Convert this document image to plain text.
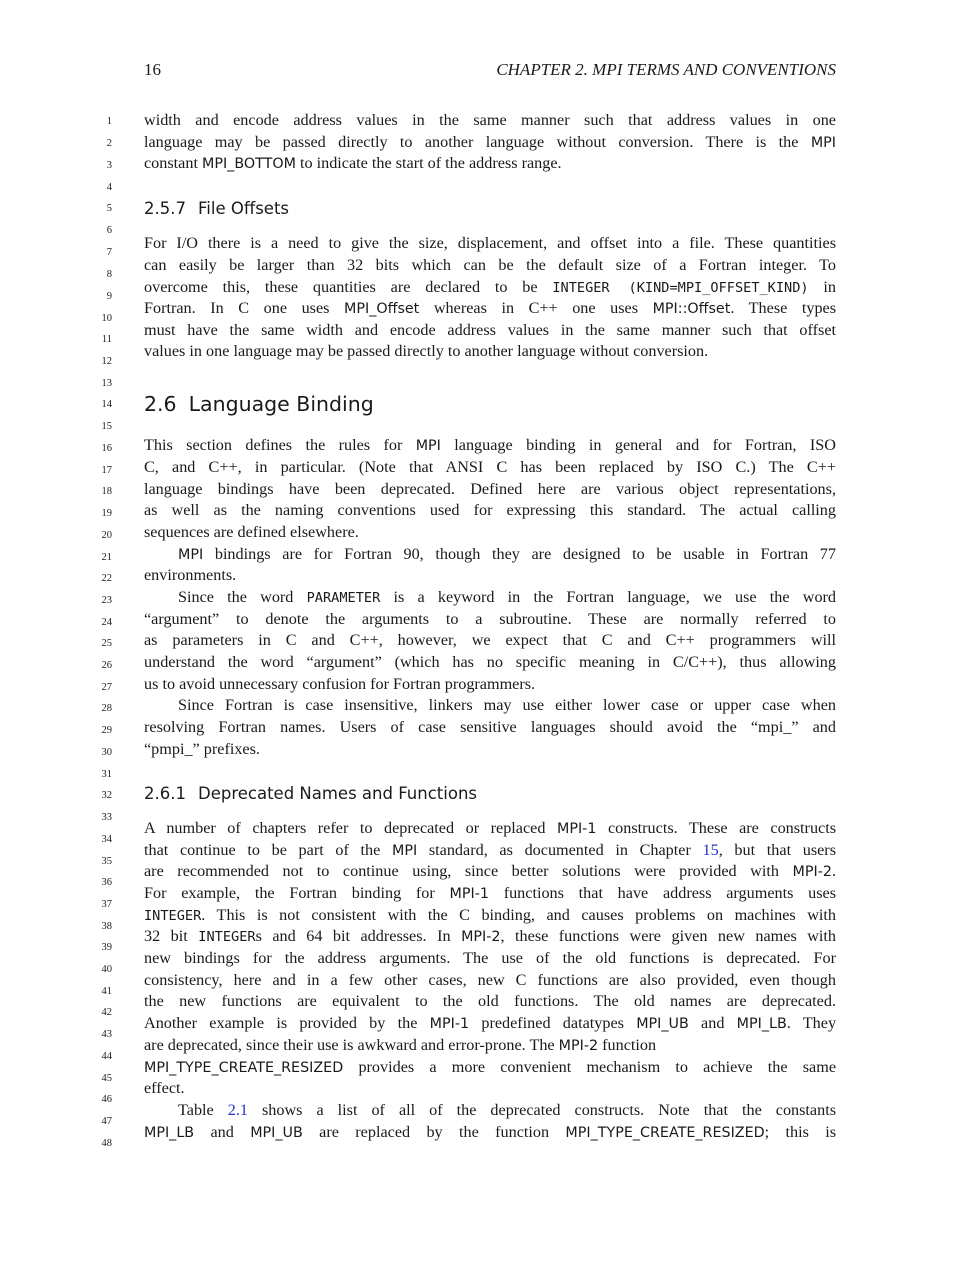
16	CHAPTER 2. MPI TERMS AND CONVENTIONS
1
2
3
4
5
6
7
8
9
10
11
12
13
14
15
16
17
18
19
20
21
22
23
24
25
26
27
28
29
30
31
32
33
34
35
36
37
38
39
40
41
42
43
44
45
46
47
48
width and encode address values in the same manner such that address values in one
language may be passed directly to another language without conversion. There is the MPI
constant MPI_BOTTOM to indicate the start of the address range.
2.5.7 File Offsets
For I/O there is a need to give the size, displacement, and offset into a file. These quantities
can easily be larger than 32 bits which can be the default size of a Fortran integer. To
overcome this, these quantities are declared to be INTEGER (KIND=MPI_OFFSET_KIND) in
Fortran. In C one uses MPI_Offset whereas in C++ one uses MPI::Offset. These types
must have the same width and encode address values in the same manner such that offset
values in one language may be passed directly to another language without conversion.
2.6 Language Binding
This section defines the rules for MPI language binding in general and for Fortran, ISO
C, and C++, in particular. (Note that ANSI C has been replaced by ISO C.) The C++
language bindings have been deprecated. Defined here are various object representations,
as well as the naming conventions used for expressing this standard. The actual calling
sequences are defined elsewhere.
MPI bindings are for Fortran 90, though they are designed to be usable in Fortran 77
environments.
Since the word PARAMETER is a keyword in the Fortran language, we use the word
“argument” to denote the arguments to a subroutine. These are normally referred to
as parameters in C and C++, however, we expect that C and C++ programmers will
understand the word “argument” (which has no specific meaning in C/C++), thus allowing
us to avoid unnecessary confusion for Fortran programmers.
Since Fortran is case insensitive, linkers may use either lower case or upper case when
resolving Fortran names. Users of case sensitive languages should avoid the “mpi_” and
“pmpi_” prefixes.
2.6.1 Deprecated Names and Functions
A number of chapters refer to deprecated or replaced MPI-1 constructs. These are constructs
that continue to be part of the MPI standard, as documented in Chapter 15, but that users
are recommended not to continue using, since better solutions were provided with MPI-2.
For example, the Fortran binding for MPI-1 functions that have address arguments uses
INTEGER. This is not consistent with the C binding, and causes problems on machines with
32 bit INTEGERs and 64 bit addresses. In MPI-2, these functions were given new names with
new bindings for the address arguments. The use of the old functions is deprecated. For
consistency, here and in a few other cases, new C functions are also provided, even though
the new functions are equivalent to the old functions. The old names are deprecated.
Another example is provided by the MPI-1 predefined datatypes MPI_UB and MPI_LB. They
are deprecated, since their use is awkward and error-prone. The MPI-2 function
MPI_TYPE_CREATE_RESIZED provides a more convenient mechanism to achieve the same
effect.
Table 2.1 shows a list of all of the deprecated constructs. Note that the constants
MPI_LB and MPI_UB are replaced by the function MPI_TYPE_CREATE_RESIZED; this is
